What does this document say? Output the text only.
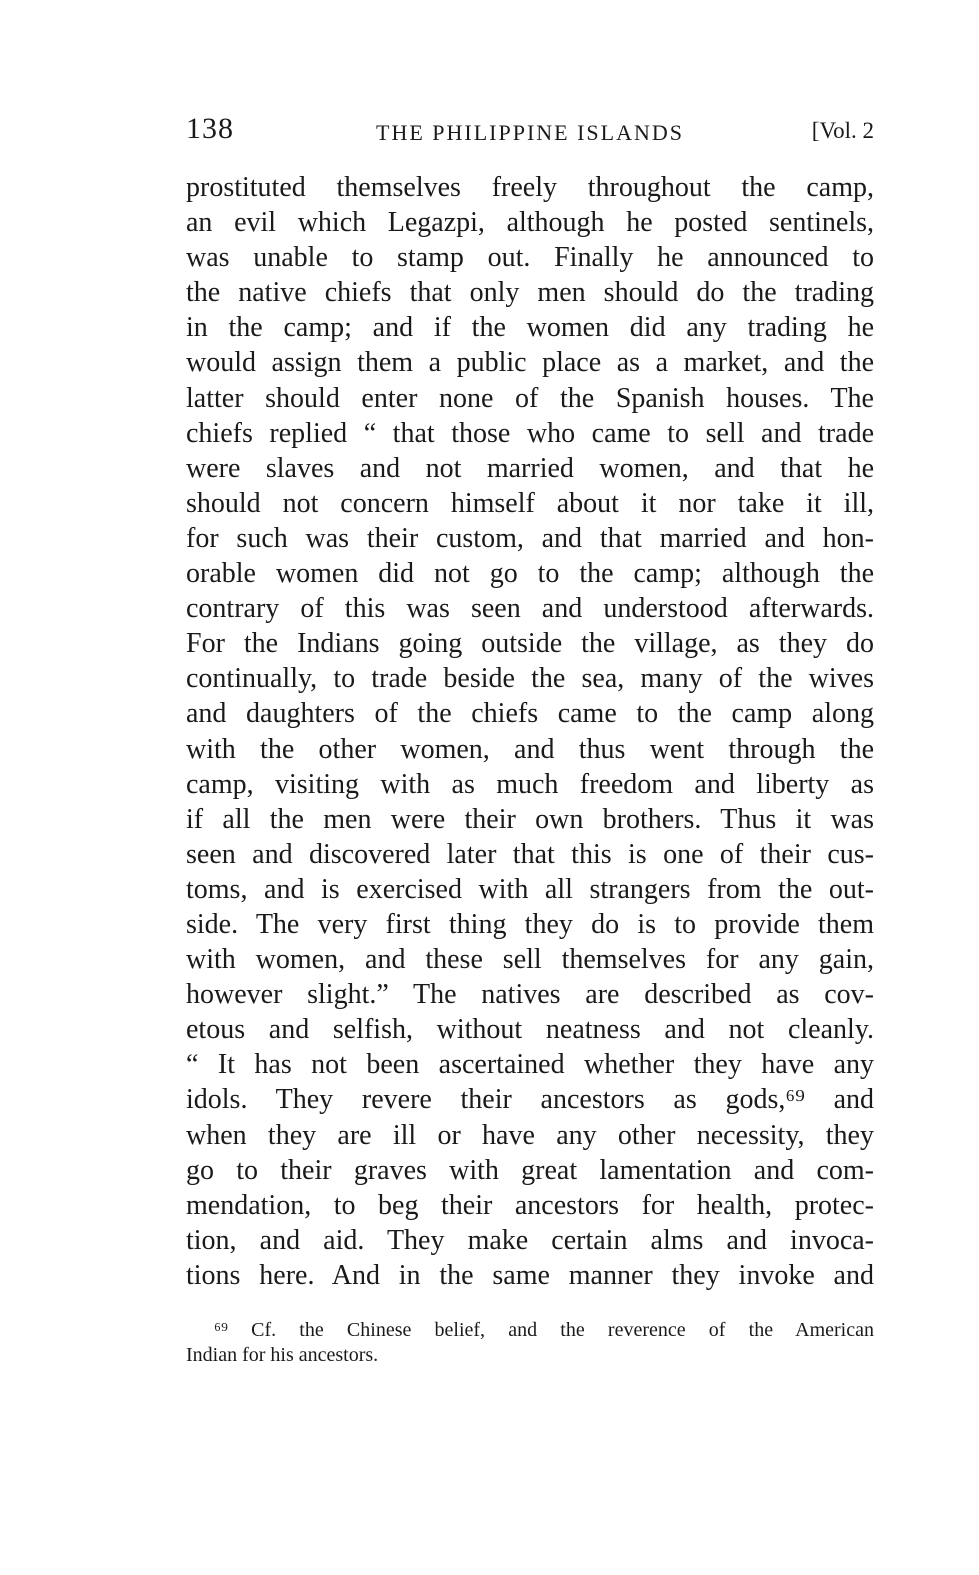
138	THE PHILIPPINE ISLANDS	[Vol. 2
prostituted themselves freely throughout the camp,
an evil which Legazpi, although he posted sentinels,
was unable to stamp out. Finally he announced to
the native chiefs that only men should do the trading
in the camp; and if the women did any trading he
would assign them a public place as a market, and the
latter should enter none of the Spanish houses. The
chiefs replied “ that those who came to sell and trade
were slaves and not married women, and that he
should not concern himself about it nor take it ill,
for such was their custom, and that married and hon-
orable women did not go to the camp; although the
contrary of this was seen and understood afterwards.
For the Indians going outside the village, as they do
continually, to trade beside the sea, many of the wives
and daughters of the chiefs came to the camp along
with the other women, and thus went through the
camp, visiting with as much freedom and liberty as
if all the men were their own brothers. Thus it was
seen and discovered later that this is one of their cus-
toms, and is exercised with all strangers from the out-
side. The very first thing they do is to provide them
with women, and these sell themselves for any gain,
however slight.” The natives are described as cov-
etous and selfish, without neatness and not cleanly.
“ It has not been ascertained whether they have any
idols. They revere their ancestors as gods,⁶⁹ and
when they are ill or have any other necessity, they
go to their graves with great lamentation and com-
mendation, to beg their ancestors for health, protec-
tion, and aid. They make certain alms and invoca-
tions here. And in the same manner they invoke and
⁶⁹ Cf. the Chinese belief, and the reverence of the American
Indian for his ancestors.
